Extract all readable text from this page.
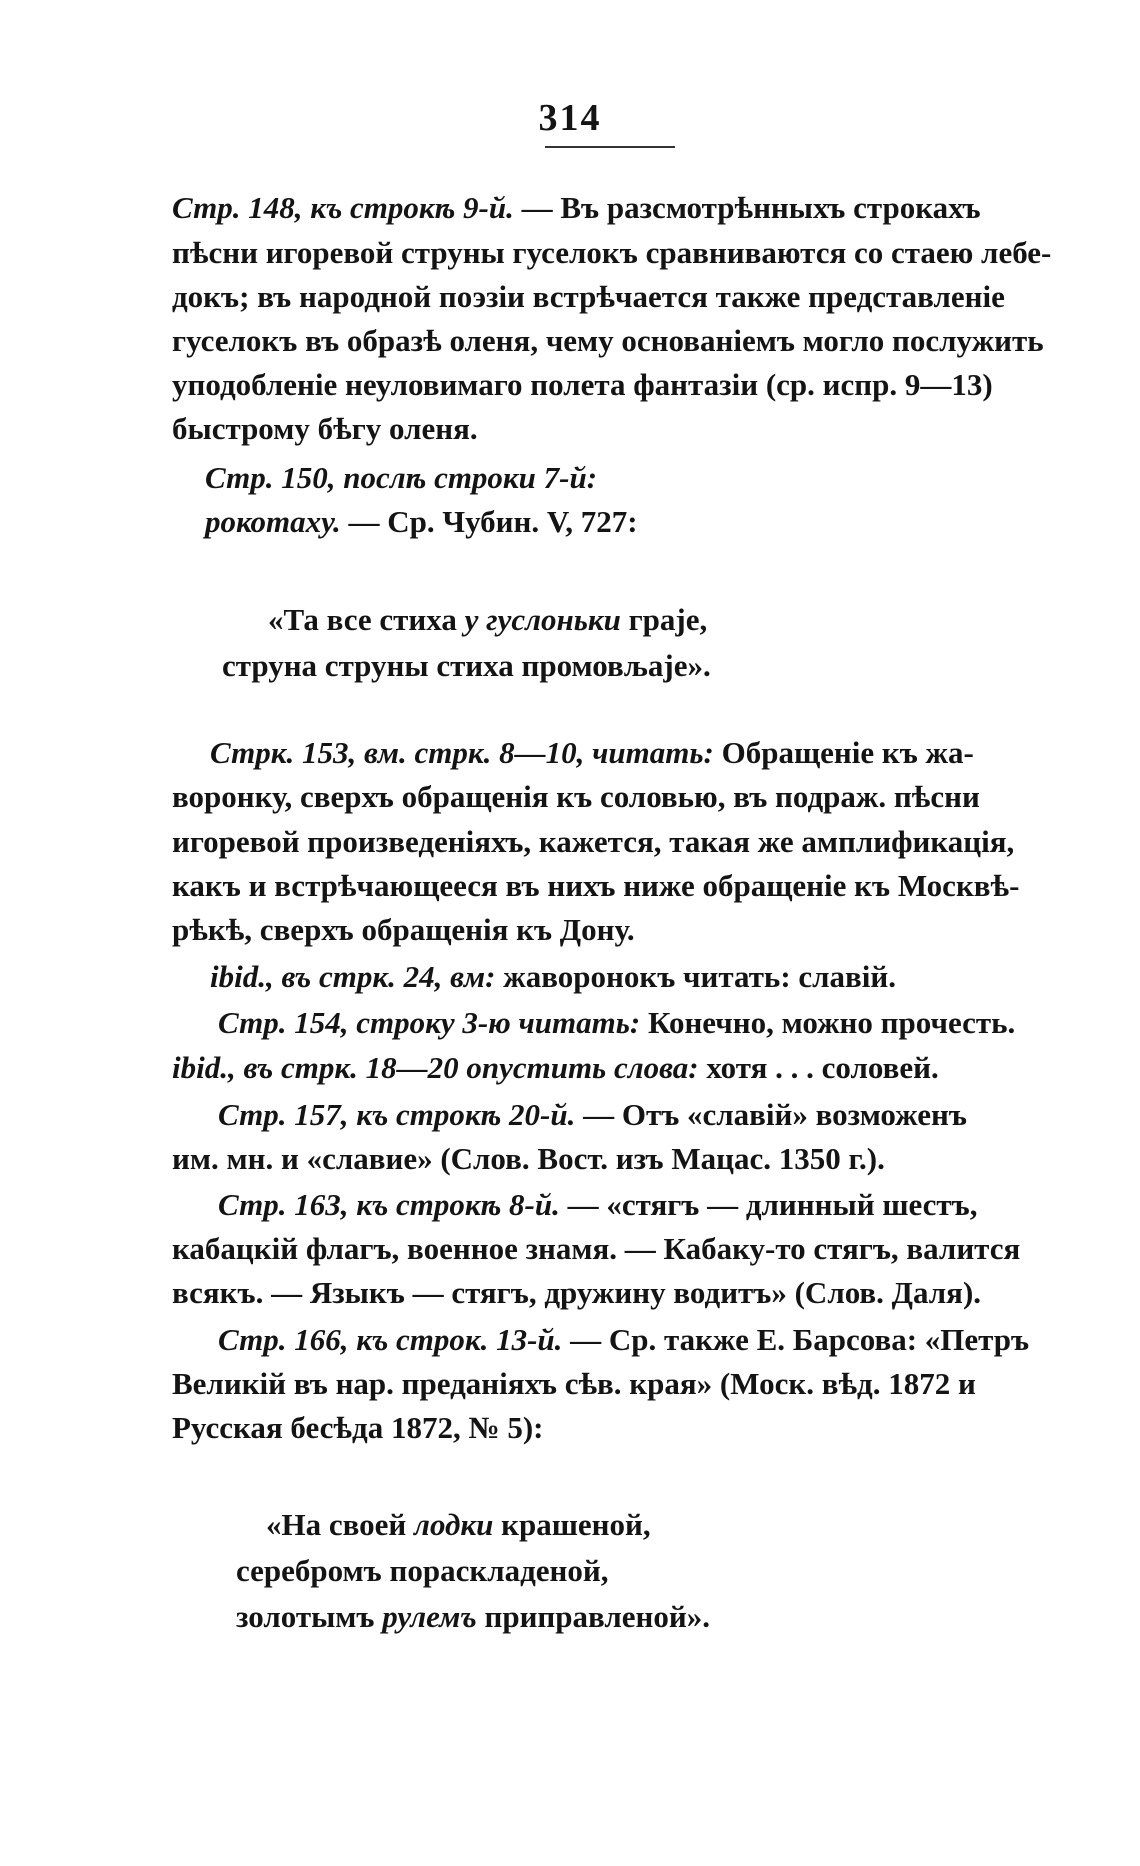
314
Стр. 148, къ строкѣ 9-й. — Въ разсмотрѣнныхъ строкахъ
пѣсни игоревой струны гуселокъ сравниваются со стаею лебе-
докъ; въ народной поэзіи встрѣчается также представленіе
гуселокъ въ образѣ оленя, чему основаніемъ могло послужить
уподобленіе неуловимаго полета фантазіи (ср. испр. 9—13)
быстрому бѣгу оленя.
Стр. 150, послѣ строки 7-й:
рокотаху. — Ср. Чубин. V, 727:
«Та все стиха у гуслоньки граје,
струна струны стиха промовљаје».
Стрк. 153, вм. стрк. 8—10, читать: Обращеніе къ жа-
воронку, сверхъ обращенія къ соловью, въ подраж. пѣсни
игоревой произведеніяхъ, кажется, такая же амплификація,
какъ и встрѣчающееся въ нихъ ниже обращеніе къ Москвѣ-
рѣкѣ, сверхъ обращенія къ Дону.
ibid., въ стрк. 24, вм: жаворонокъ читать: славій.
Стр. 154, строку 3-ю читать: Конечно, можно прочесть.
ibid., въ стрк. 18—20 опустить слова: хотя . . . соловей.
Стр. 157, къ строкѣ 20-й. — Отъ «славій» возможенъ
им. мн. и «славие» (Слов. Вост. изъ Мацас. 1350 г.).
Стр. 163, къ строкѣ 8-й. — «стягъ — длинный шестъ,
кабацкій флагъ, военное знамя. — Кабаку-то стягъ, валится
всякъ. — Языкъ — стягъ, дружину водитъ» (Слов. Даля).
Стр. 166, къ строк. 13-й. — Ср. также Е. Барсова: «Петръ
Великій въ нар. преданіяхъ сѣв. края» (Моск. вѣд. 1872 и
Русская бесѣда 1872, № 5):
«На своей лодки крашеной,
серебромъ пораскладеной,
золотымъ рулемъ приправленой».
